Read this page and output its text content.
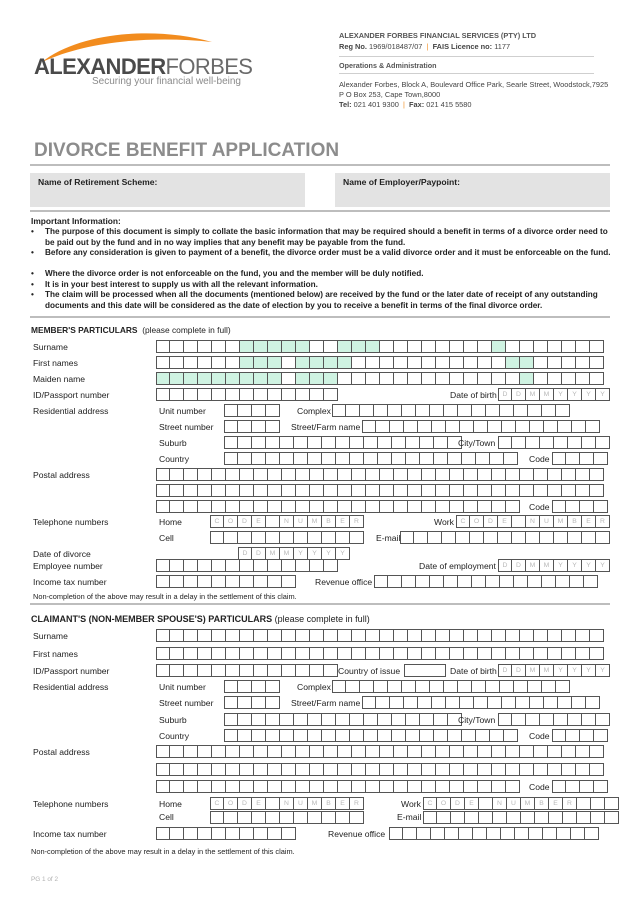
ALEXANDERFORBES
Securing your financial well-being
ALEXANDER FORBES FINANCIAL SERVICES (PTY) LTD
Reg No. 1969/018487/07  |  FAIS Licence no: 1177
Operations & Administration
Alexander Forbes, Block A, Boulevard Office Park, Searle Street, Woodstock,7925
P O Box 253, Cape Town,8000
Tel: 021 401 9300  |  Fax: 021 415 5580
DIVORCE BENEFIT APPLICATION
Name of Retirement Scheme:	Name of Employer/Paypoint:
Important Information:
• The purpose of this document is simply to collate the basic information that may be required should a benefit in terms of a divorce order need to be paid out by the fund and in no way implies that any benefit may be payable from the fund.
• Before any consideration is given to payment of a benefit, the divorce order must be a valid divorce order and it must be enforceable on the fund.
• Where the divorce order is not enforceable on the fund, you and the member will be duly notified.
• It is in your best interest to supply us with all the relevant information.
• The claim will be processed when all the documents (mentioned below) are received by the fund or the later date of receipt of any outstanding documents and this date will be considered as the date of election by you to receive a benefit in terms of the final divorce order.
MEMBER'S PARTICULARS (please complete in full)
Surname
First names
Maiden name
ID/Passport number	Date of birth D	D	M	M	Y	Y	Y	Y
Residential address	Unit number	Complex
Street number	Street/Farm name
Suburb	City/Town
Country	Code
Postal address
Code
Telephone numbers	Home	C	O	D	E	N	U	M	B	E	R	Work C	O	D	E	N	U	M	B	E	R
Cell	E-mail
Date of divorce	D	D	M	M	Y	Y	Y	Y
Employee number	Date of employment D	D	M	M	Y	Y	Y	Y
Income tax number	Revenue office
Non-completion of the above may result in a delay in the settlement of this claim.
CLAIMANT'S (NON-MEMBER SPOUSE'S) PARTICULARS (please complete in full)
Surname
First names
ID/Passport number	Country of issue	Date of birth D	D	M	M	Y	Y	Y	Y
Residential address	Unit number	Complex
Street number	Street/Farm name
Suburb	City/Town
Country	Code
Postal address
Code
Telephone numbers	Home	C	O	D	E	N	U	M	B	E	R	Work C	O	D	E	N	U	M	B	E	R
Cell	E-mail
Income tax number	Revenue office
Non-completion of the above may result in a delay in the settlement of this claim.
PG 1 of 2
